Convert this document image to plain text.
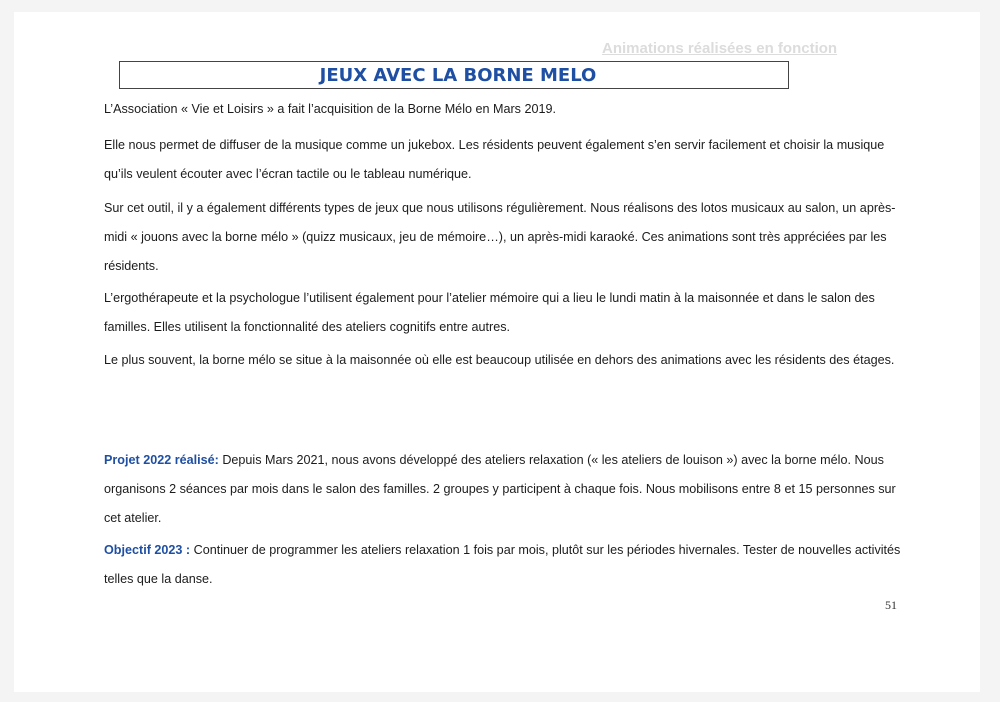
Animations réalisées en fonction
JEUX AVEC LA BORNE MELO

L’Association « Vie et Loisirs » a fait l’acquisition de la Borne Mélo en Mars 2019.

Elle nous permet de diffuser de la musique comme un jukebox. Les résidents peuvent également s’en servir facilement et choisir la musique qu’ils veulent écouter avec l’écran tactile ou le tableau numérique.

Sur cet outil, il y a également différents types de jeux que nous utilisons régulièrement. Nous réalisons des lotos musicaux au salon, un après-midi « jouons avec la borne mélo » (quizz musicaux, jeu de mémoire…), un après-midi karaoké. Ces animations sont très appréciées par les résidents.

L’ergothérapeute et la psychologue l’utilisent également pour l’atelier mémoire qui a lieu le lundi matin à la maisonnée et dans le salon des familles. Elles utilisent la fonctionnalité des ateliers cognitifs entre autres.

Le plus souvent, la borne mélo se situe à la maisonnée où elle est beaucoup utilisée en dehors des animations avec les résidents des étages.

Projet 2022 réalisé: Depuis Mars 2021, nous avons développé des ateliers relaxation (« les ateliers de louison ») avec la borne mélo. Nous organisons 2 séances par mois dans le salon des familles. 2 groupes y participent à chaque fois. Nous mobilisons entre 8 et 15 personnes sur cet atelier.

Objectif 2023 : Continuer de programmer les ateliers relaxation 1 fois par mois, plutôt sur les périodes hivernales. Tester de nouvelles activités telles que la danse.

51
